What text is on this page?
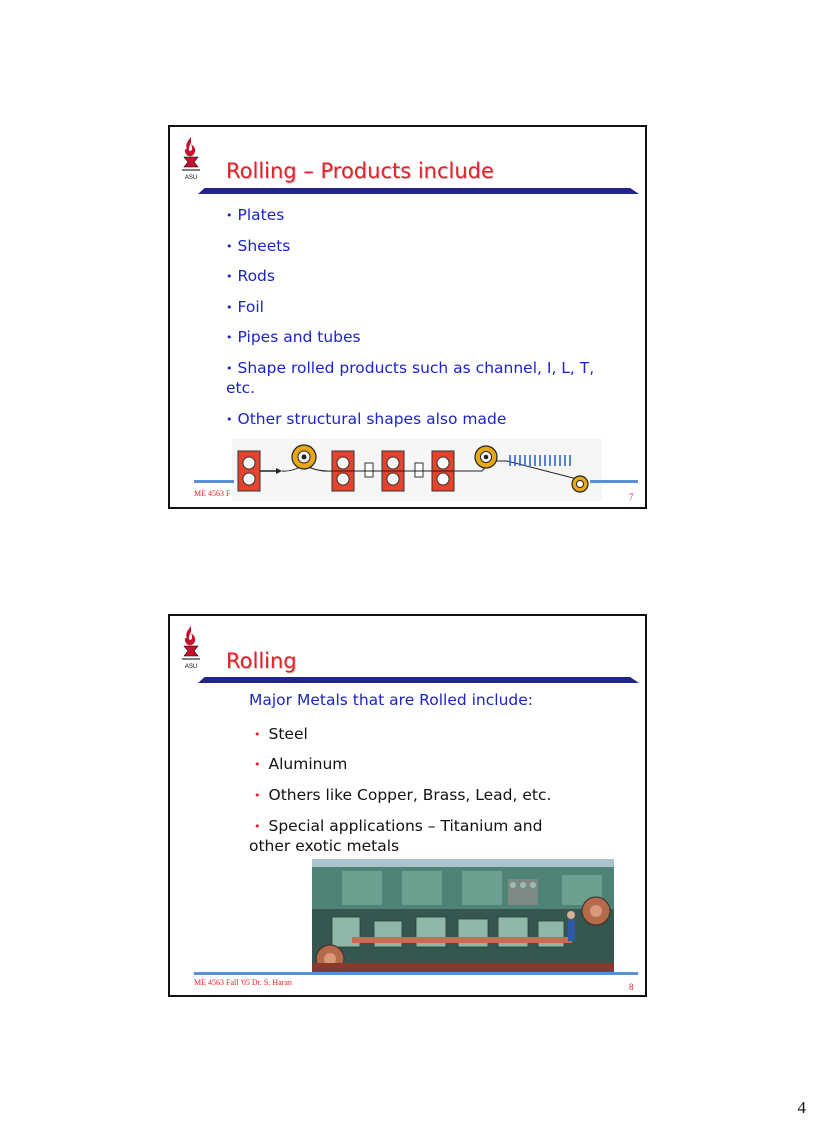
ASU Rolling – Products include
• Plates
• Sheets
• Rods
• Foil
• Pipes and tubes
• Shape rolled products such as channel, I, L, T,
etc.
• Other structural shapes also made
ME 4563 F	7
ASU Rolling
Major Metals that are Rolled include:
• Steel
• Aluminum
• Others like Copper, Brass, Lead, etc.
• Special applications – Titanium and
other exotic metals
ME 4563 Fall '05 Dr. S. Haran	8
4
